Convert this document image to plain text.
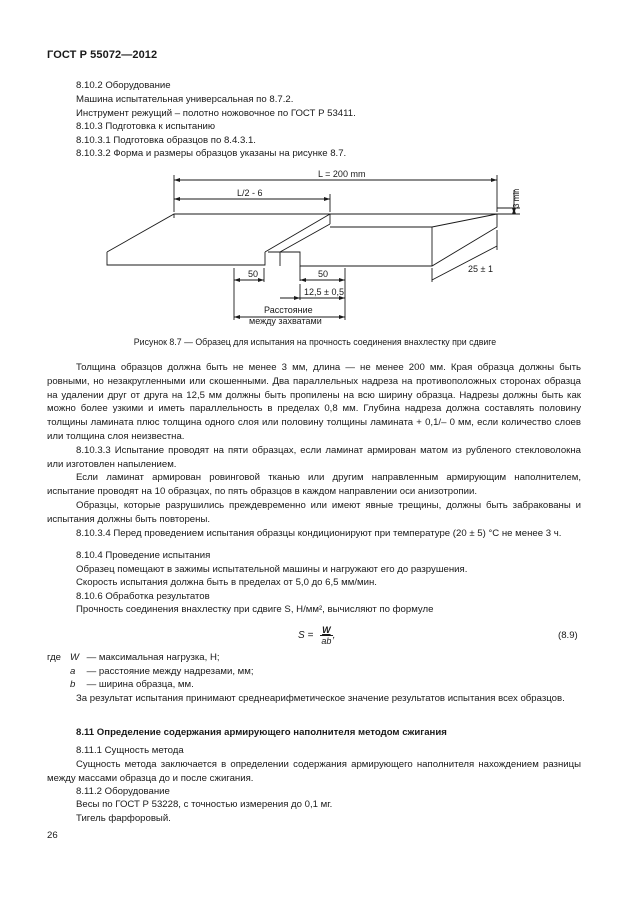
ГОСТ Р 55072—2012
8.10.2 Оборудование
Машина испытательная универсальная по 8.7.2.
Инструмент режущий – полотно ножовочное по ГОСТ Р 53411.
8.10.3 Подготовка к испытанию
8.10.3.1 Подготовка образцов по 8.4.3.1.
8.10.3.2 Форма и размеры образцов указаны на рисунке 8.7.
L = 200 mm
L/2 - 6
50	50
12,5 ± 0,5
Расстояние
между захватами
25 ± 1
3 min
Рисунок 8.7 — Образец для испытания на прочность соединения внахлестку при сдвиге

Толщина образцов должна быть не менее 3 мм, длина — не менее 200 мм. Края образца должны быть ровными, но незакругленными или скошенными. Два параллельных надреза на противоположных сторонах образца на удалении друг от друга на 12,5 мм должны быть пропилены на всю ширину образца. Надрезы должны быть как можно более узкими и иметь параллельность в пределах 0,8 мм. Глубина надреза должна составлять половину толщины ламината плюс толщина одного слоя или половину толщины ламината + 0,1/– 0 мм, если количество слоев или толщина слоя неизвестна.

8.10.3.3 Испытание проводят на пяти образцах, если ламинат армирован матом из рубленого стекловолокна или изготовлен напылением.

Если ламинат армирован ровинговой тканью или другим направленным армирующим наполнителем, испытание проводят на 10 образцах, по пять образцов в каждом направлении оси анизотропии.

Образцы, которые разрушились преждевременно или имеют явные трещины, должны быть забракованы и испытания должны быть повторены.

8.10.3.4 Перед проведением испытания образцы кондиционируют при температуре (20 ± 5) °С не менее 3 ч.

8.10.4 Проведение испытания
Образец помещают в зажимы испытательной машины и нагружают его до разрушения.
Скорость испытания должна быть в пределах от 5,0 до 6,5 мм/мин.
8.10.6 Обработка результатов
Прочность соединения внахлестку при сдвиге S, Н/мм², вычисляют по формуле
$S = \frac{W}{ab}$ ,	(8.9)
где W — максимальная нагрузка, Н;
a — расстояние между надрезами, мм;
b — ширина образца, мм.

За результат испытания принимают среднеарифметическое значение результатов испытания всех образцов.

8.11 Определение содержания армирующего наполнителя методом сжигания
8.11.1 Сущность метода

Сущность метода заключается в определении содержания армирующего наполнителя нахождением разницы между массами образца до и после сжигания.

8.11.2 Оборудование
Весы по ГОСТ Р 53228, с точностью измерения до 0,1 мг.
Тигель фарфоровый.
26
